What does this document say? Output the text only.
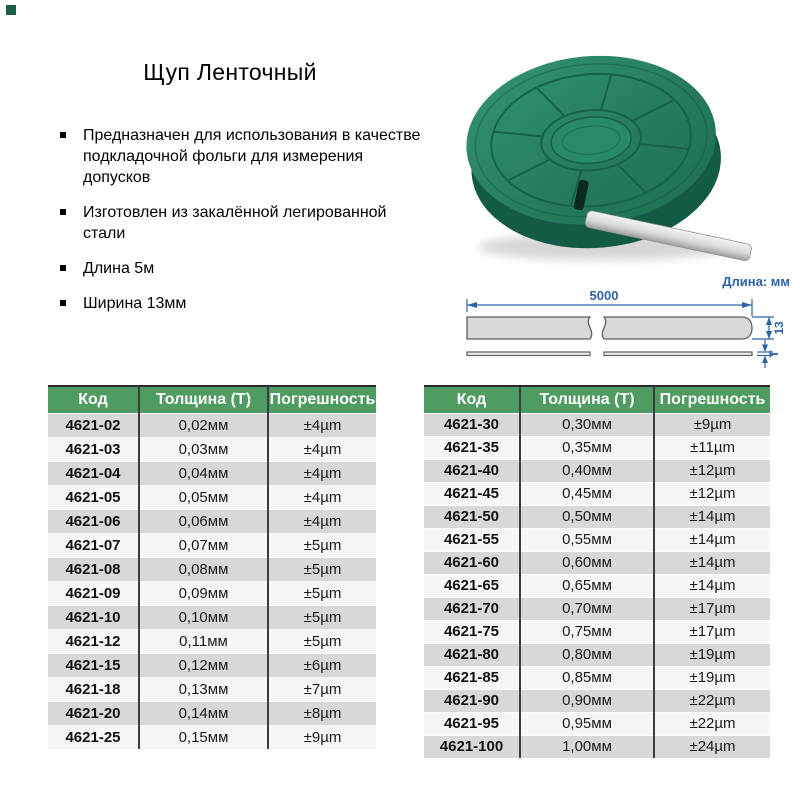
Щуп Ленточный
Предназначен для использования в качестве подкладочной фольги для измерения допусков
Изготовлен из закалённой легированной стали
Длина 5м
Ширина 13мм
Длина: мм
5000
13
Т
Код	Толщина (Т)	Погрешность
4621-02	0,02мм	±4µm
4621-03	0,03мм	±4µm
4621-04	0,04мм	±4µm
4621-05	0,05мм	±4µm
4621-06	0,06мм	±4µm
4621-07	0,07мм	±5µm
4621-08	0,08мм	±5µm
4621-09	0,09мм	±5µm
4621-10	0,10мм	±5µm
4621-12	0,11мм	±5µm
4621-15	0,12мм	±6µm
4621-18	0,13мм	±7µm
4621-20	0,14мм	±8µm
4621-25	0,15мм	±9µm
Код	Толщина (Т)	Погрешность
4621-30	0,30мм	±9µm
4621-35	0,35мм	±11µm
4621-40	0,40мм	±12µm
4621-45	0,45мм	±12µm
4621-50	0,50мм	±14µm
4621-55	0,55мм	±14µm
4621-60	0,60мм	±14µm
4621-65	0,65мм	±14µm
4621-70	0,70мм	±17µm
4621-75	0,75мм	±17µm
4621-80	0,80мм	±19µm
4621-85	0,85мм	±19µm
4621-90	0,90мм	±22µm
4621-95	0,95мм	±22µm
4621-100	1,00мм	±24µm
